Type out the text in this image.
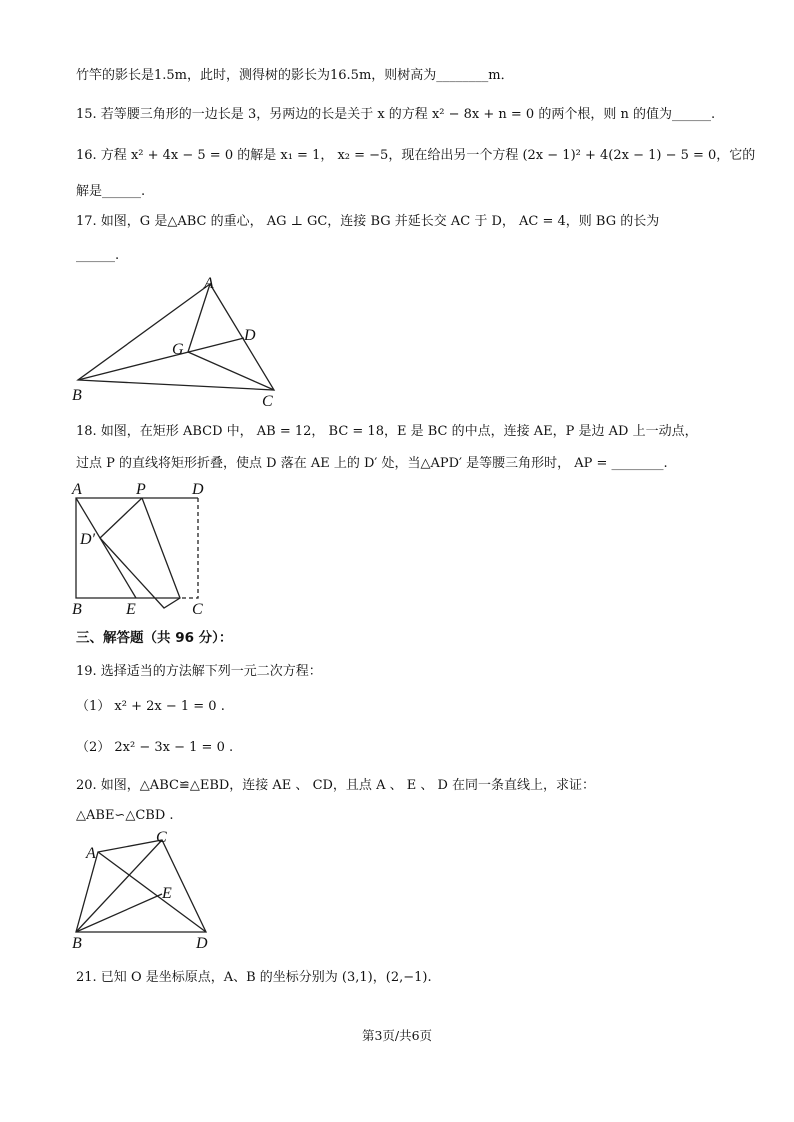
竹竿的影长是1.5m，此时，测得树的影长为16.5m，则树高为________m．
15. 若等腰三角形的一边长是 3，另两边的长是关于 x 的方程 x² − 8x + n = 0 的两个根，则 n 的值为______.
16. 方程 x² + 4x − 5 = 0 的解是 x₁ = 1， x₂ = −5，现在给出另一个方程 (2x − 1)² + 4(2x − 1) − 5 = 0，它的
解是______.
17. 如图，G 是△ABC 的重心， AG ⊥ GC，连接 BG 并延长交 AC 于 D， AC = 4，则 BG 的长为
______.
A
B	C
D
G
18. 如图，在矩形 ABCD 中， AB = 12， BC = 18，E 是 BC 的中点，连接 AE，P 是边 AD 上一动点，
过点 P 的直线将矩形折叠，使点 D 落在 AE 上的 D′ 处，当△APD′ 是等腰三角形时， AP = ________.
A	P	D
D′
B	E	C
三、解答题（共 96 分）：
19. 选择适当的方法解下列一元二次方程：
（1） x² + 2x − 1 = 0 .
（2） 2x² − 3x − 1 = 0 .
20. 如图，△ABC≌△EBD，连接 AE 、 CD，且点 A 、 E 、 D 在同一条直线上，求证：
△ABE∽△CBD .
A
C
E
B	D
21. 已知 O 是坐标原点，A、B 的坐标分别为 (3,1)，(2,−1).
第3页/共6页
